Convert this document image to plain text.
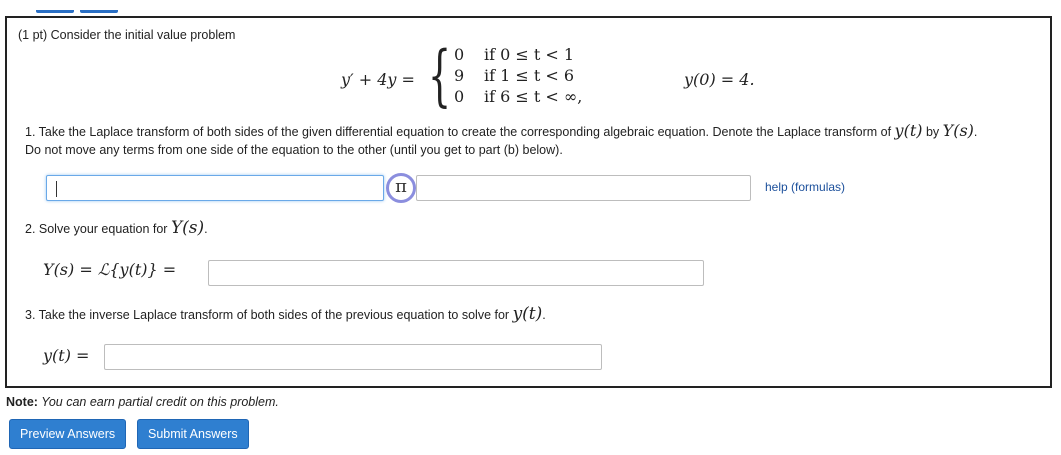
(1 pt) Consider the initial value problem
y′ + 4y = { 0 if 0 ≤ t < 1
9 if 1 ≤ t < 6
0 if 6 ≤ t < ∞,
y(0) = 4.
1. Take the Laplace transform of both sides of the given differential equation to create the corresponding algebraic equation. Denote the Laplace transform of y(t) by Y(s).
Do not move any terms from one side of the equation to the other (until you get to part (b) below).
π	help (formulas)
2. Solve your equation for Y(s).
Y(s) = ℒ{y(t)} =
3. Take the inverse Laplace transform of both sides of the previous equation to solve for y(t).
y(t) =
Note: You can earn partial credit on this problem.
Preview Answers	Submit Answers
